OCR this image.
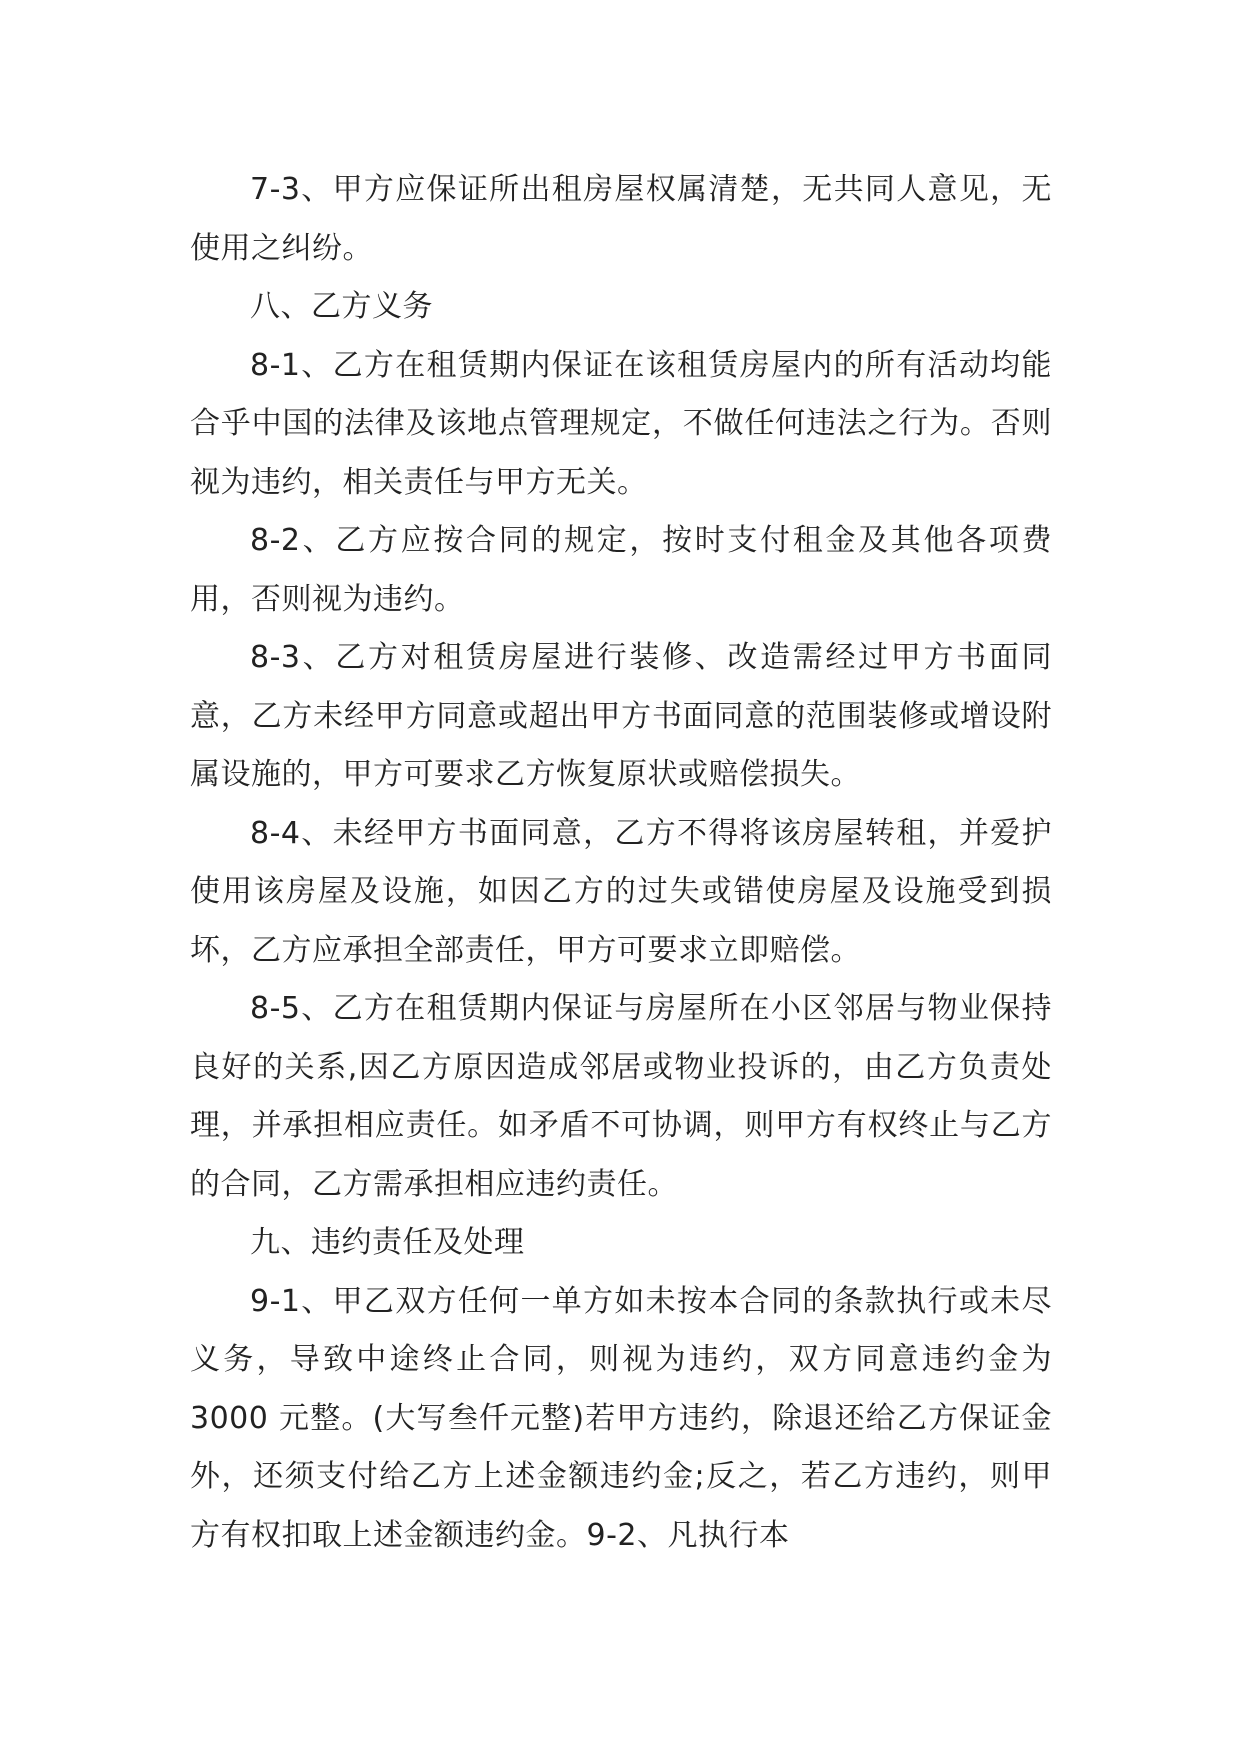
7-3、甲方应保证所出租房屋权属清楚，无共同人意见，无使用之纠纷。

八、乙方义务

8-1、乙方在租赁期内保证在该租赁房屋内的所有活动均能合乎中国的法律及该地点管理规定，不做任何违法之行为。否则视为违约，相关责任与甲方无关。

8-2、乙方应按合同的规定，按时支付租金及其他各项费用，否则视为违约。

8-3、乙方对租赁房屋进行装修、改造需经过甲方书面同意，乙方未经甲方同意或超出甲方书面同意的范围装修或增设附属设施的，甲方可要求乙方恢复原状或赔偿损失。

8-4、未经甲方书面同意，乙方不得将该房屋转租，并爱护使用该房屋及设施，如因乙方的过失或错使房屋及设施受到损坏，乙方应承担全部责任，甲方可要求立即赔偿。

8-5、乙方在租赁期内保证与房屋所在小区邻居与物业保持良好的关系,因乙方原因造成邻居或物业投诉的，由乙方负责处理，并承担相应责任。如矛盾不可协调，则甲方有权终止与乙方的合同，乙方需承担相应违约责任。

九、违约责任及处理

9-1、甲乙双方任何一单方如未按本合同的条款执行或未尽义务，导致中途终止合同，则视为违约，双方同意违约金为 3000 元整。(大写叁仟元整)若甲方违约，除退还给乙方保证金外，还须支付给乙方上述金额违约金;反之，若乙方违约，则甲方有权扣取上述金额违约金。9-2、凡执行本
